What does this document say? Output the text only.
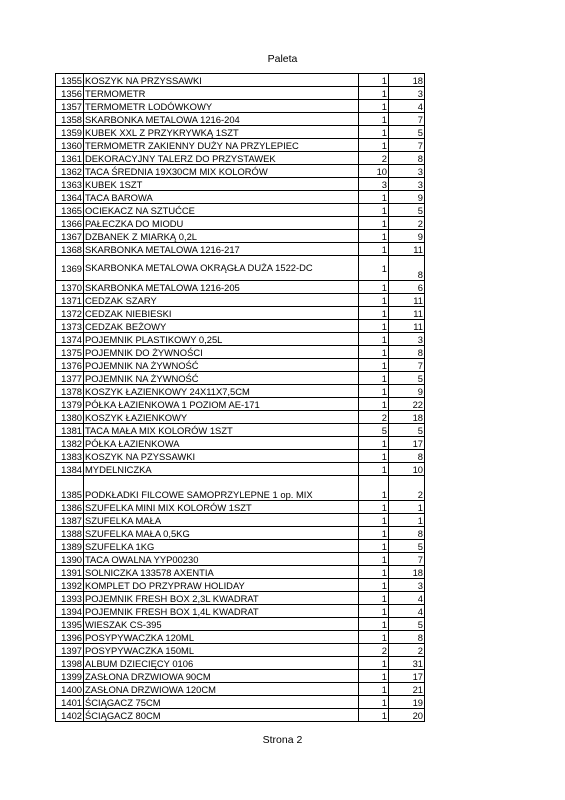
Paleta
1355	KOSZYK NA PRZYSSAWKI	1	18
1356	TERMOMETR	1	3
1357	TERMOMETR LODÓWKOWY	1	4
1358	SKARBONKA METALOWA 1216-204	1	7
1359	KUBEK XXL Z PRZYKRYWKĄ 1SZT	1	5
1360	TERMOMETR ZAKIENNY DUŻY NA PRZYLEPIEC	1	7
1361	DEKORACYJNY TALERZ DO PRZYSTAWEK	2	8
1362	TACA ŚREDNIA 19X30CM MIX KOLORÓW	10	3
1363	KUBEK 1SZT	3	3
1364	TACA BAROWA	1	9
1365	OCIEKACZ NA SZTUĆCE	1	5
1366	PAŁECZKA DO MIODU	1	2
1367	DZBANEK Z MIARKĄ 0,2L	1	9
1368	SKARBONKA METALOWA 1216-217	1	11
1369	SKARBONKA METALOWA OKRĄGŁA DUŻA 1522-DC	1	8
1370	SKARBONKA METALOWA 1216-205	1	6
1371	CEDZAK SZARY	1	11
1372	CEDZAK NIEBIESKI	1	11
1373	CEDZAK BEŻOWY	1	11
1374	POJEMNIK PLASTIKOWY 0,25L	1	3
1375	POJEMNIK DO ŻYWNOŚCI	1	8
1376	POJEMNIK NA ŻYWNOŚĆ	1	7
1377	POJEMNIK NA ŻYWNOŚĆ	1	5
1378	KOSZYK ŁAZIENKOWY 24X11X7,5CM	1	9
1379	PÓŁKA ŁAZIENKOWA 1 POZIOM AE-171	1	22
1380	KOSZYK ŁAZIENKOWY	2	18
1381	TACA MAŁA MIX KOLORÓW 1SZT	5	5
1382	PÓŁKA ŁAZIENKOWA	1	17
1383	KOSZYK NA PZYSSAWKI	1	8
1384	MYDELNICZKA	1	10
1385	PODKŁADKI FILCOWE SAMOPRZYLEPNE 1 op. MIX	1	2
1386	SZUFELKA MINI MIX KOLORÓW 1SZT	1	1
1387	SZUFELKA MAŁA	1	1
1388	SZUFELKA MAŁA 0,5KG	1	8
1389	SZUFELKA 1KG	1	5
1390	TACA OWALNA YYP00230	1	7
1391	SOLNICZKA 133578 AXENTIA	1	18
1392	KOMPLET DO PRZYPRAW HOLIDAY	1	3
1393	POJEMNIK FRESH BOX 2,3L KWADRAT	1	4
1394	POJEMNIK FRESH BOX 1,4L KWADRAT	1	4
1395	WIESZAK CS-395	1	5
1396	POSYPYWACZKA 120ML	1	8
1397	POSYPYWACZKA 150ML	2	2
1398	ALBUM DZIECIĘCY 0106	1	31
1399	ZASŁONA DRZWIOWA 90CM	1	17
1400	ZASŁONA DRZWIOWA 120CM	1	21
1401	ŚCIĄGACZ 75CM	1	19
1402	ŚCIĄGACZ 80CM	1	20
Strona 2
